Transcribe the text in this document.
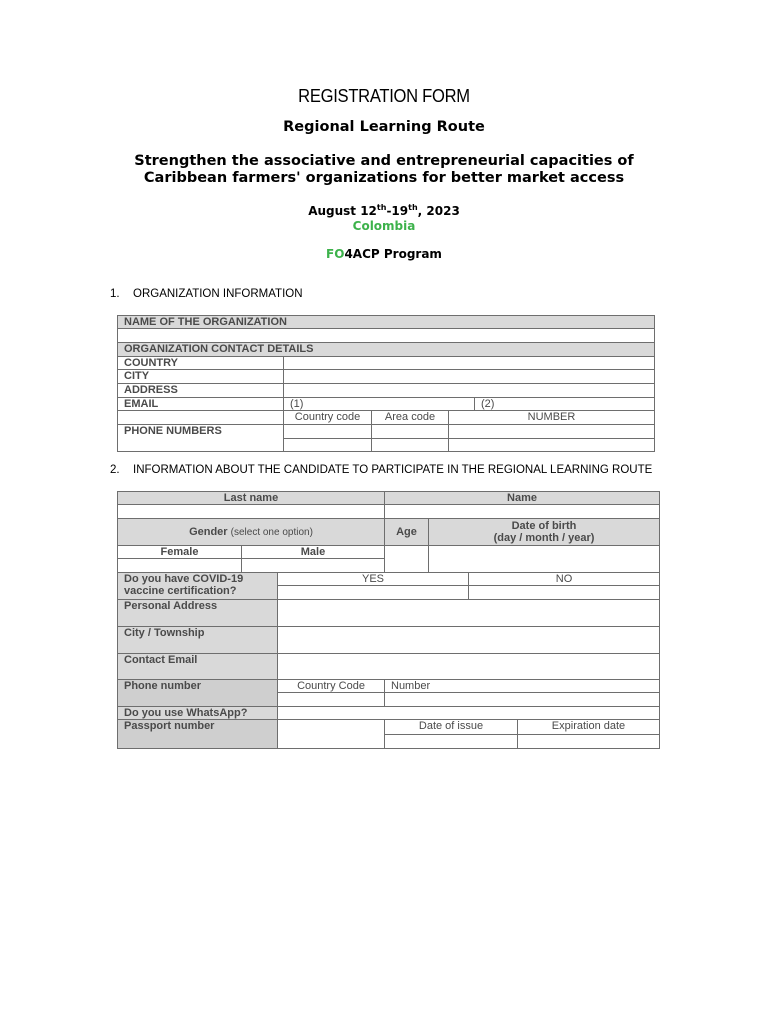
REGISTRATION FORM
Regional Learning Route
Strengthen the associative and entrepreneurial capacities of
Caribbean farmers' organizations for better market access
August 12th-19th, 2023
Colombia
FO4ACP Program
1. ORGANIZATION INFORMATION
NAME OF THE ORGANIZATION
ORGANIZATION CONTACT DETAILS
COUNTRY
CITY
ADDRESS
EMAIL	(1)	(2)
Country code	Area code	NUMBER
PHONE NUMBERS
2. INFORMATION ABOUT THE CANDIDATE TO PARTICIPATE IN THE REGIONAL LEARNING ROUTE
Last name	Name
Gender (select one option)	Age	Date of birth
(day / month / year)
Female	Male
Do you have COVID-19
vaccine certification?
YES	NO
Personal Address
City / Township
Contact Email
Phone number	Country Code	Number
Do you use WhatsApp?
Passport number	Date of issue	Expiration date
